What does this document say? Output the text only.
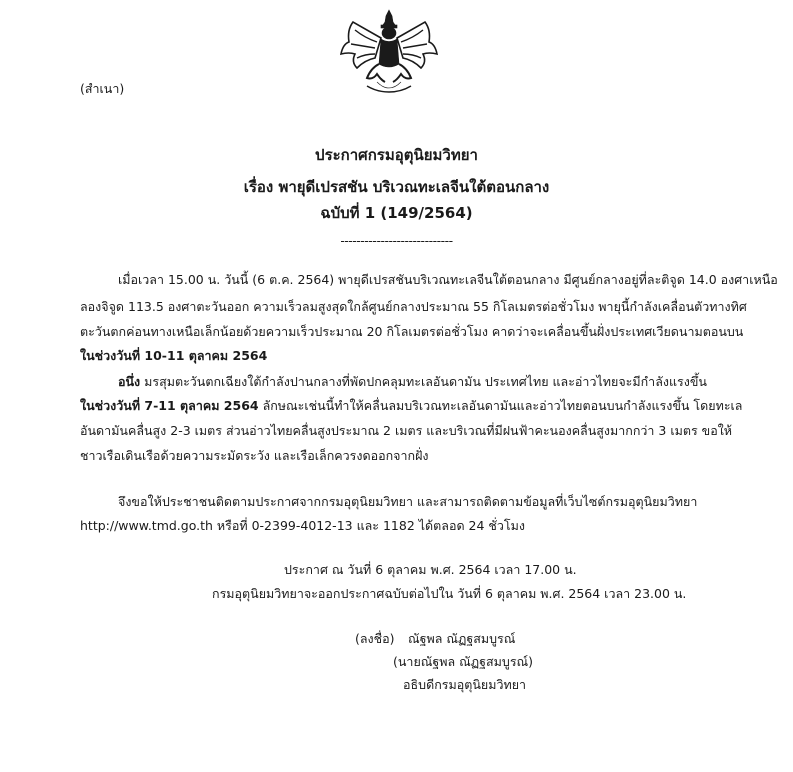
(สำเนา)
ประกาศกรมอุตุนิยมวิทยา
เรื่อง พายุดีเปรสชัน บริเวณทะเลจีนใต้ตอนกลาง
ฉบับที่ 1 (149/2564)
----------------------------
เมื่อเวลา 15.00 น. วันนี้ (6 ต.ค. 2564) พายุดีเปรสชันบริเวณทะเลจีนใต้ตอนกลาง มีศูนย์กลางอยู่ที่ละติจูด 14.0 องศาเหนือ
ลองจิจูด 113.5 องศาตะวันออก ความเร็วลมสูงสุดใกล้ศูนย์กลางประมาณ 55 กิโลเมตรต่อชั่วโมง พายุนี้กำลังเคลื่อนตัวทางทิศ
ตะวันตกค่อนทางเหนือเล็กน้อยด้วยความเร็วประมาณ 20 กิโลเมตรต่อชั่วโมง คาดว่าจะเคลื่อนขึ้นฝั่งประเทศเวียดนามตอนบน
ในช่วงวันที่ 10-11 ตุลาคม 2564
อนึ่ง มรสุมตะวันตกเฉียงใต้กำลังปานกลางที่พัดปกคลุมทะเลอันดามัน ประเทศไทย และอ่าวไทยจะมีกำลังแรงขึ้น
ในช่วงวันที่ 7-11 ตุลาคม 2564 ลักษณะเช่นนี้ทำให้คลื่นลมบริเวณทะเลอันดามันและอ่าวไทยตอนบนกำลังแรงขึ้น โดยทะเล
อันดามันคลื่นสูง 2-3 เมตร ส่วนอ่าวไทยคลื่นสูงประมาณ 2 เมตร และบริเวณที่มีฝนฟ้าคะนองคลื่นสูงมากกว่า 3 เมตร ขอให้
ชาวเรือเดินเรือด้วยความระมัดระวัง และเรือเล็กควรงดออกจากฝั่ง
จึงขอให้ประชาชนติดตามประกาศจากกรมอุตุนิยมวิทยา และสามารถติดตามข้อมูลที่เว็บไซต์กรมอุตุนิยมวิทยา
http://www.tmd.go.th หรือที่ 0-2399-4012-13 และ 1182 ได้ตลอด 24 ชั่วโมง
ประกาศ ณ วันที่ 6 ตุลาคม พ.ศ. 2564 เวลา 17.00 น.
กรมอุตุนิยมวิทยาจะออกประกาศฉบับต่อไปใน วันที่ 6 ตุลาคม พ.ศ. 2564 เวลา 23.00 น.
(ลงชื่อ) ณัฐพล ณัฏฐสมบูรณ์
(นายณัฐพล ณัฏฐสมบูรณ์)
อธิบดีกรมอุตุนิยมวิทยา
